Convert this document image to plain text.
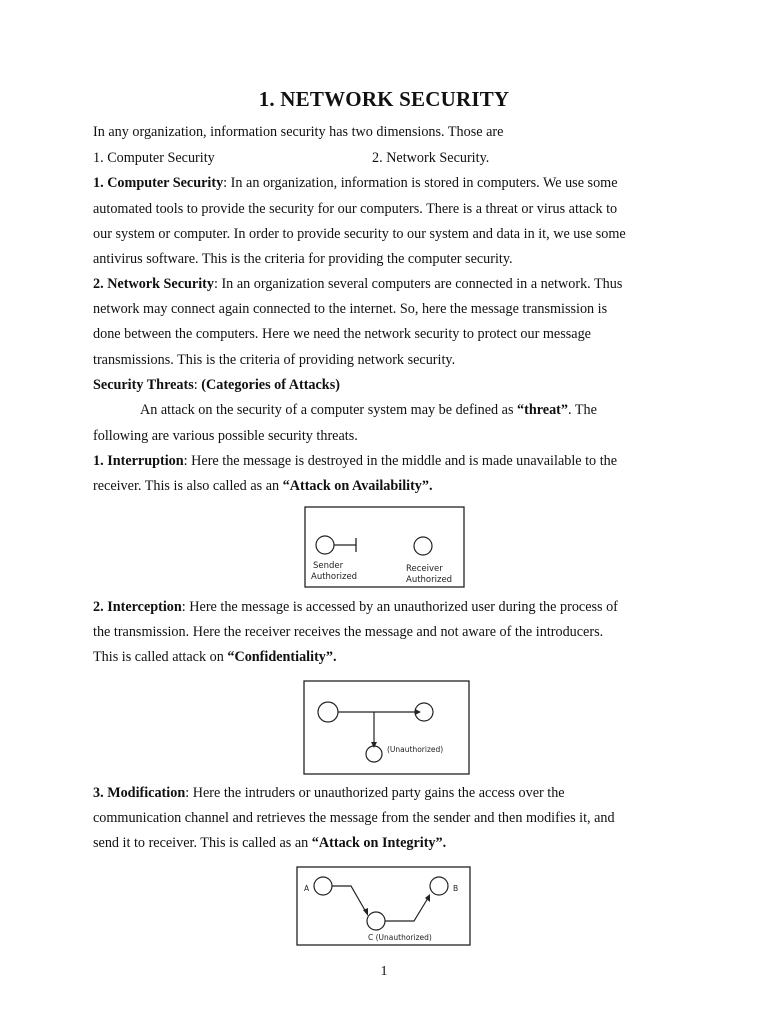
1. NETWORK SECURITY
In any organization, information security has two dimensions. Those are
1. Computer Security	2. Network Security.
1. Computer Security: In an organization, information is stored in computers. We use some
automated tools to provide the security for our computers. There is a threat or virus attack to
our system or computer. In order to provide security to our system and data in it, we use some
antivirus software. This is the criteria for providing the computer security.
2. Network Security: In an organization several computers are connected in a network. Thus
network may connect again connected to the internet. So, here the message transmission is
done between the computers. Here we need the network security to protect our message
transmissions. This is the criteria of providing network security.
Security Threats: (Categories of Attacks)
An attack on the security of a computer system may be defined as “threat”. The
following are various possible security threats.
1. Interruption: Here the message is destroyed in the middle and is made unavailable to the
receiver. This is also called as an “Attack on Availability”.
Sender
Authorized
Receiver
Authorized
2. Interception: Here the message is accessed by an unauthorized user during the process of
the transmission. Here the receiver receives the message and not aware of the introducers.
This is called attack on “Confidentiality”.
(Unauthorized)
3. Modification: Here the intruders or unauthorized party gains the access over the
communication channel and retrieves the message from the sender and then modifies it, and
send it to receiver. This is called as an “Attack on Integrity”.
A	B
C (Unauthorized)
1
